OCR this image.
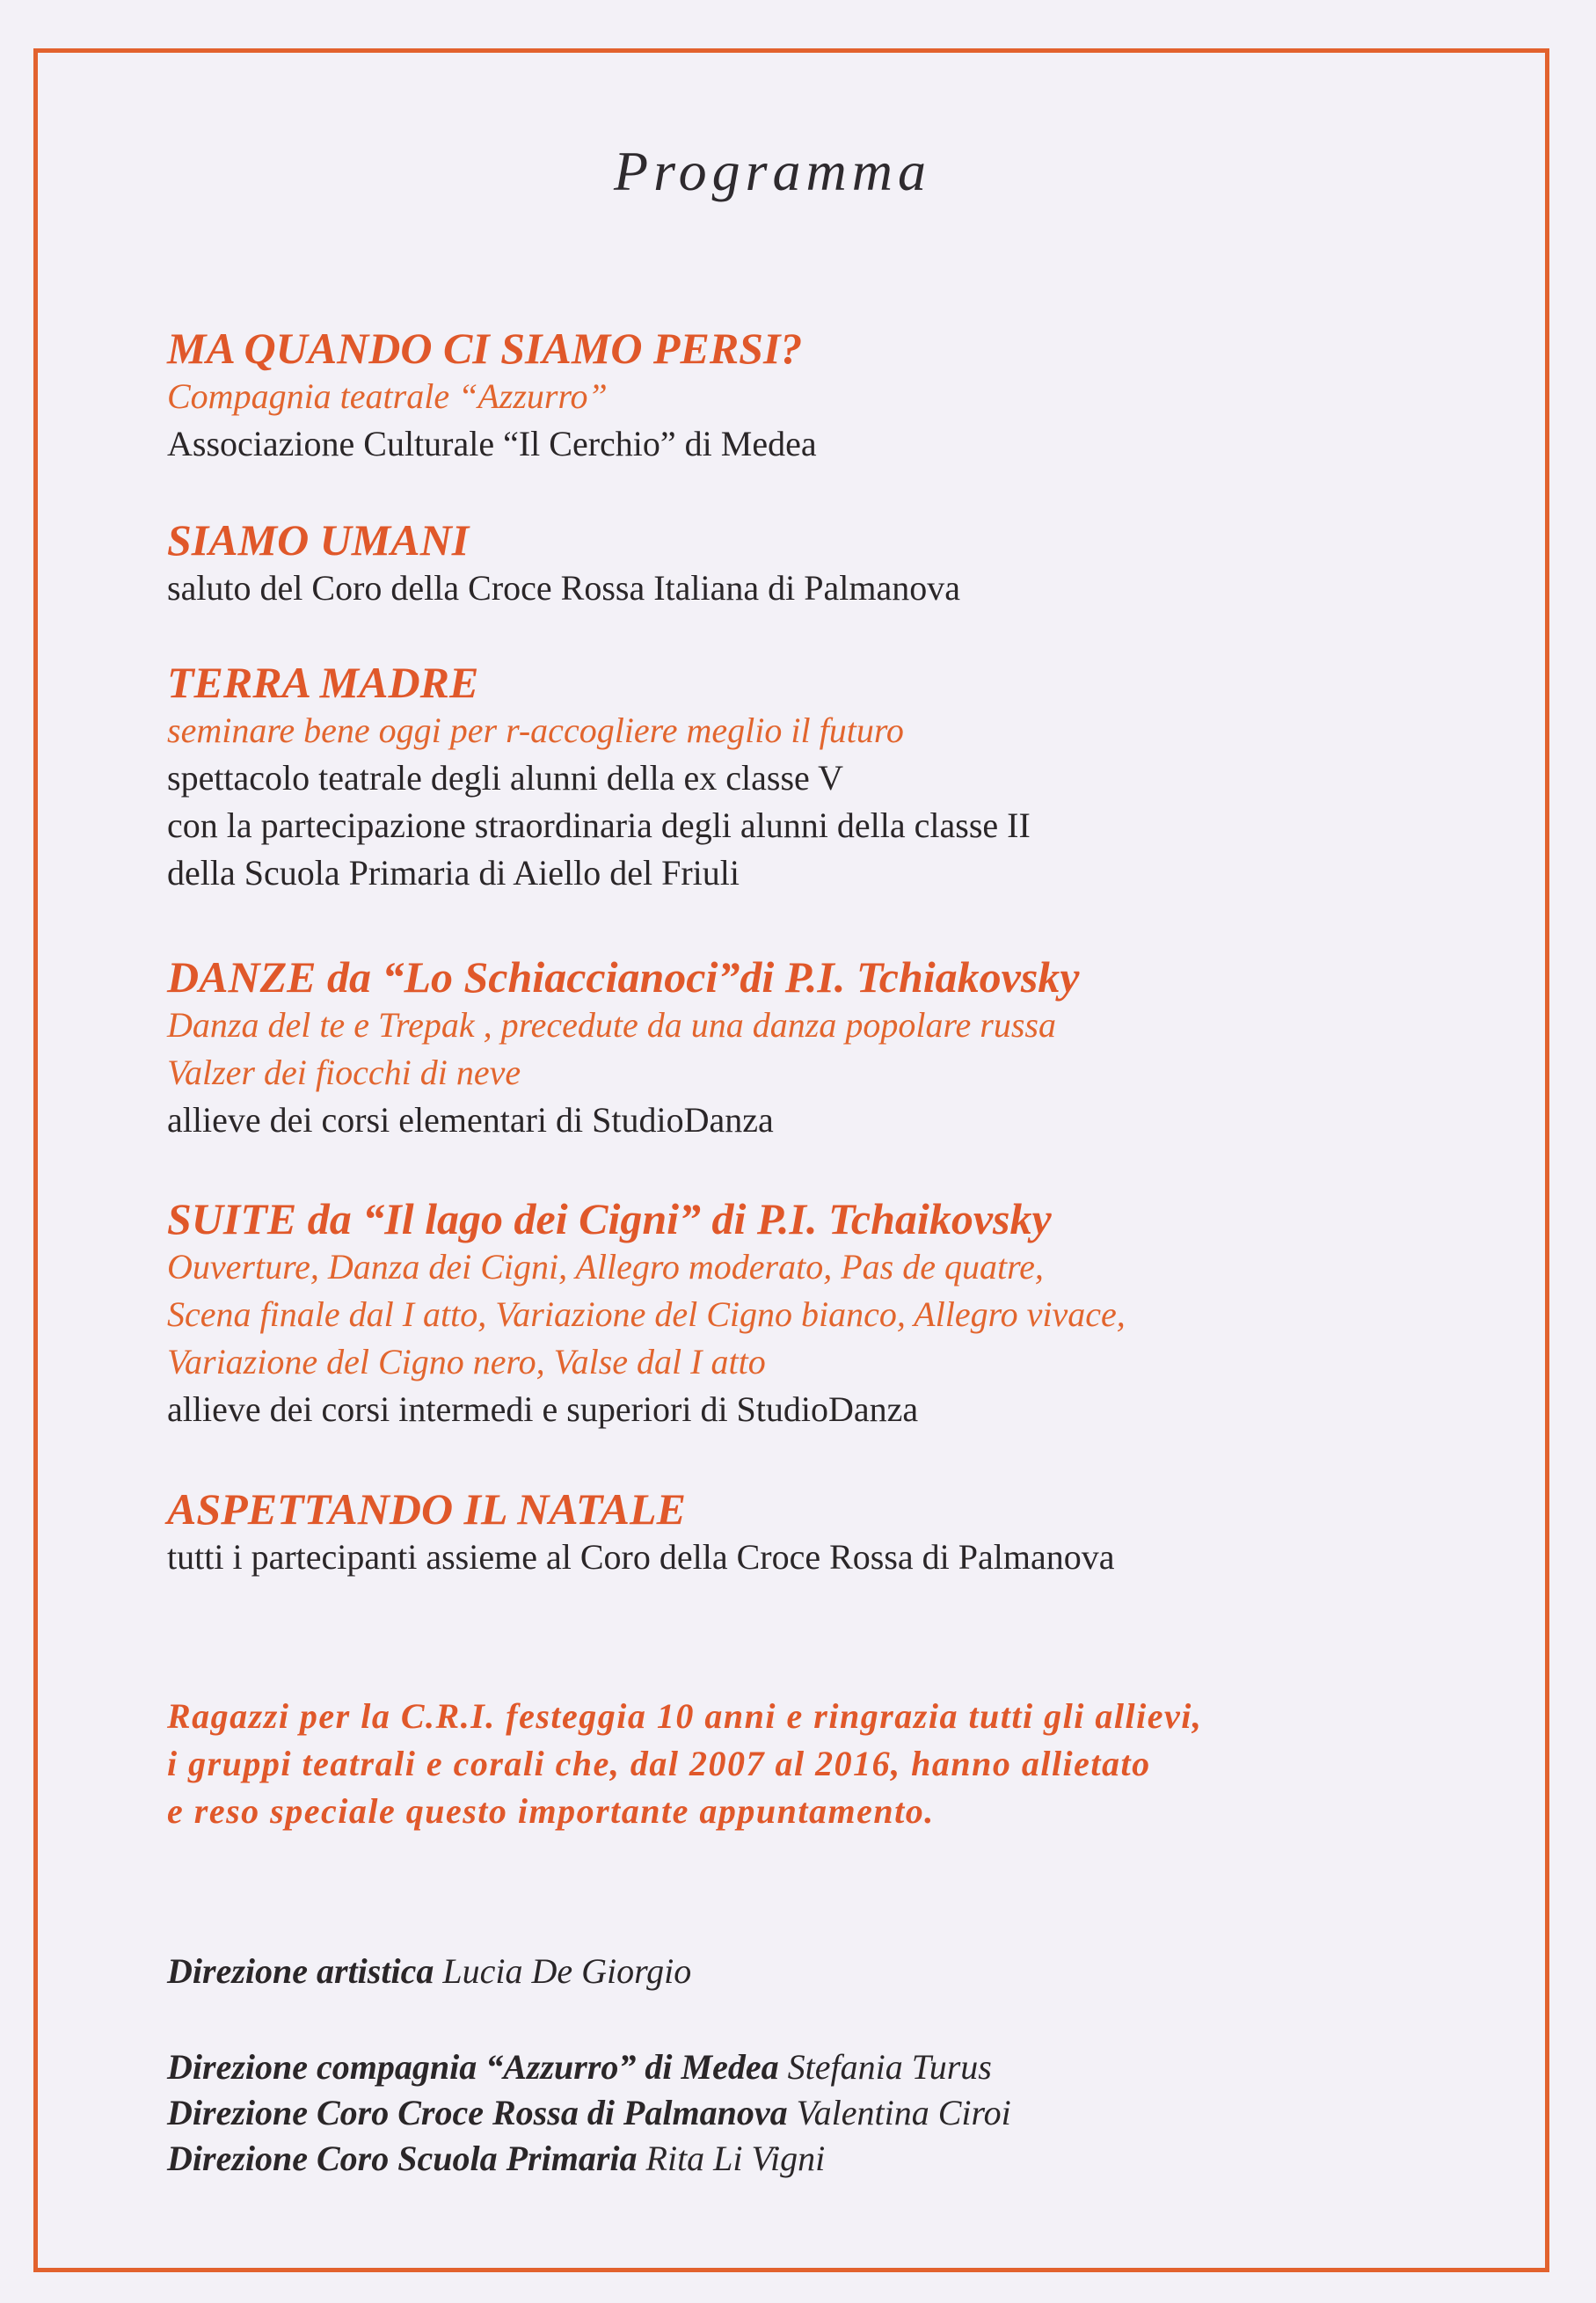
Programma
MA QUANDO CI SIAMO PERSI?
Compagnia teatrale “Azzurro”
Associazione Culturale “Il Cerchio” di Medea
SIAMO UMANI
saluto del Coro della Croce Rossa Italiana di Palmanova
TERRA MADRE
seminare bene oggi per r-accogliere meglio il futuro
spettacolo teatrale degli alunni della ex classe V
con la partecipazione straordinaria degli alunni della classe II
della Scuola Primaria di Aiello del Friuli
DANZE da “Lo Schiaccianoci”di P.I. Tchiakovsky
Danza del te e Trepak , precedute da una danza popolare russa
Valzer dei fiocchi di neve
allieve dei corsi elementari di StudioDanza
SUITE da “Il lago dei Cigni” di P.I. Tchaikovsky
Ouverture, Danza dei Cigni, Allegro moderato, Pas de quatre,
Scena finale dal I atto, Variazione del Cigno bianco, Allegro vivace,
Variazione del Cigno nero, Valse dal I atto
allieve dei corsi intermedi e superiori di StudioDanza
ASPETTANDO IL NATALE
tutti i partecipanti assieme al Coro della Croce Rossa di Palmanova
Ragazzi per la C.R.I. festeggia 10 anni e ringrazia tutti gli allievi,
i gruppi teatrali e corali che, dal 2007 al 2016, hanno allietato
e reso speciale questo importante appuntamento.
Direzione artistica Lucia De Giorgio
Direzione compagnia “Azzurro” di Medea Stefania Turus
Direzione Coro Croce Rossa di Palmanova Valentina Ciroi
Direzione Coro Scuola Primaria Rita Li Vigni
